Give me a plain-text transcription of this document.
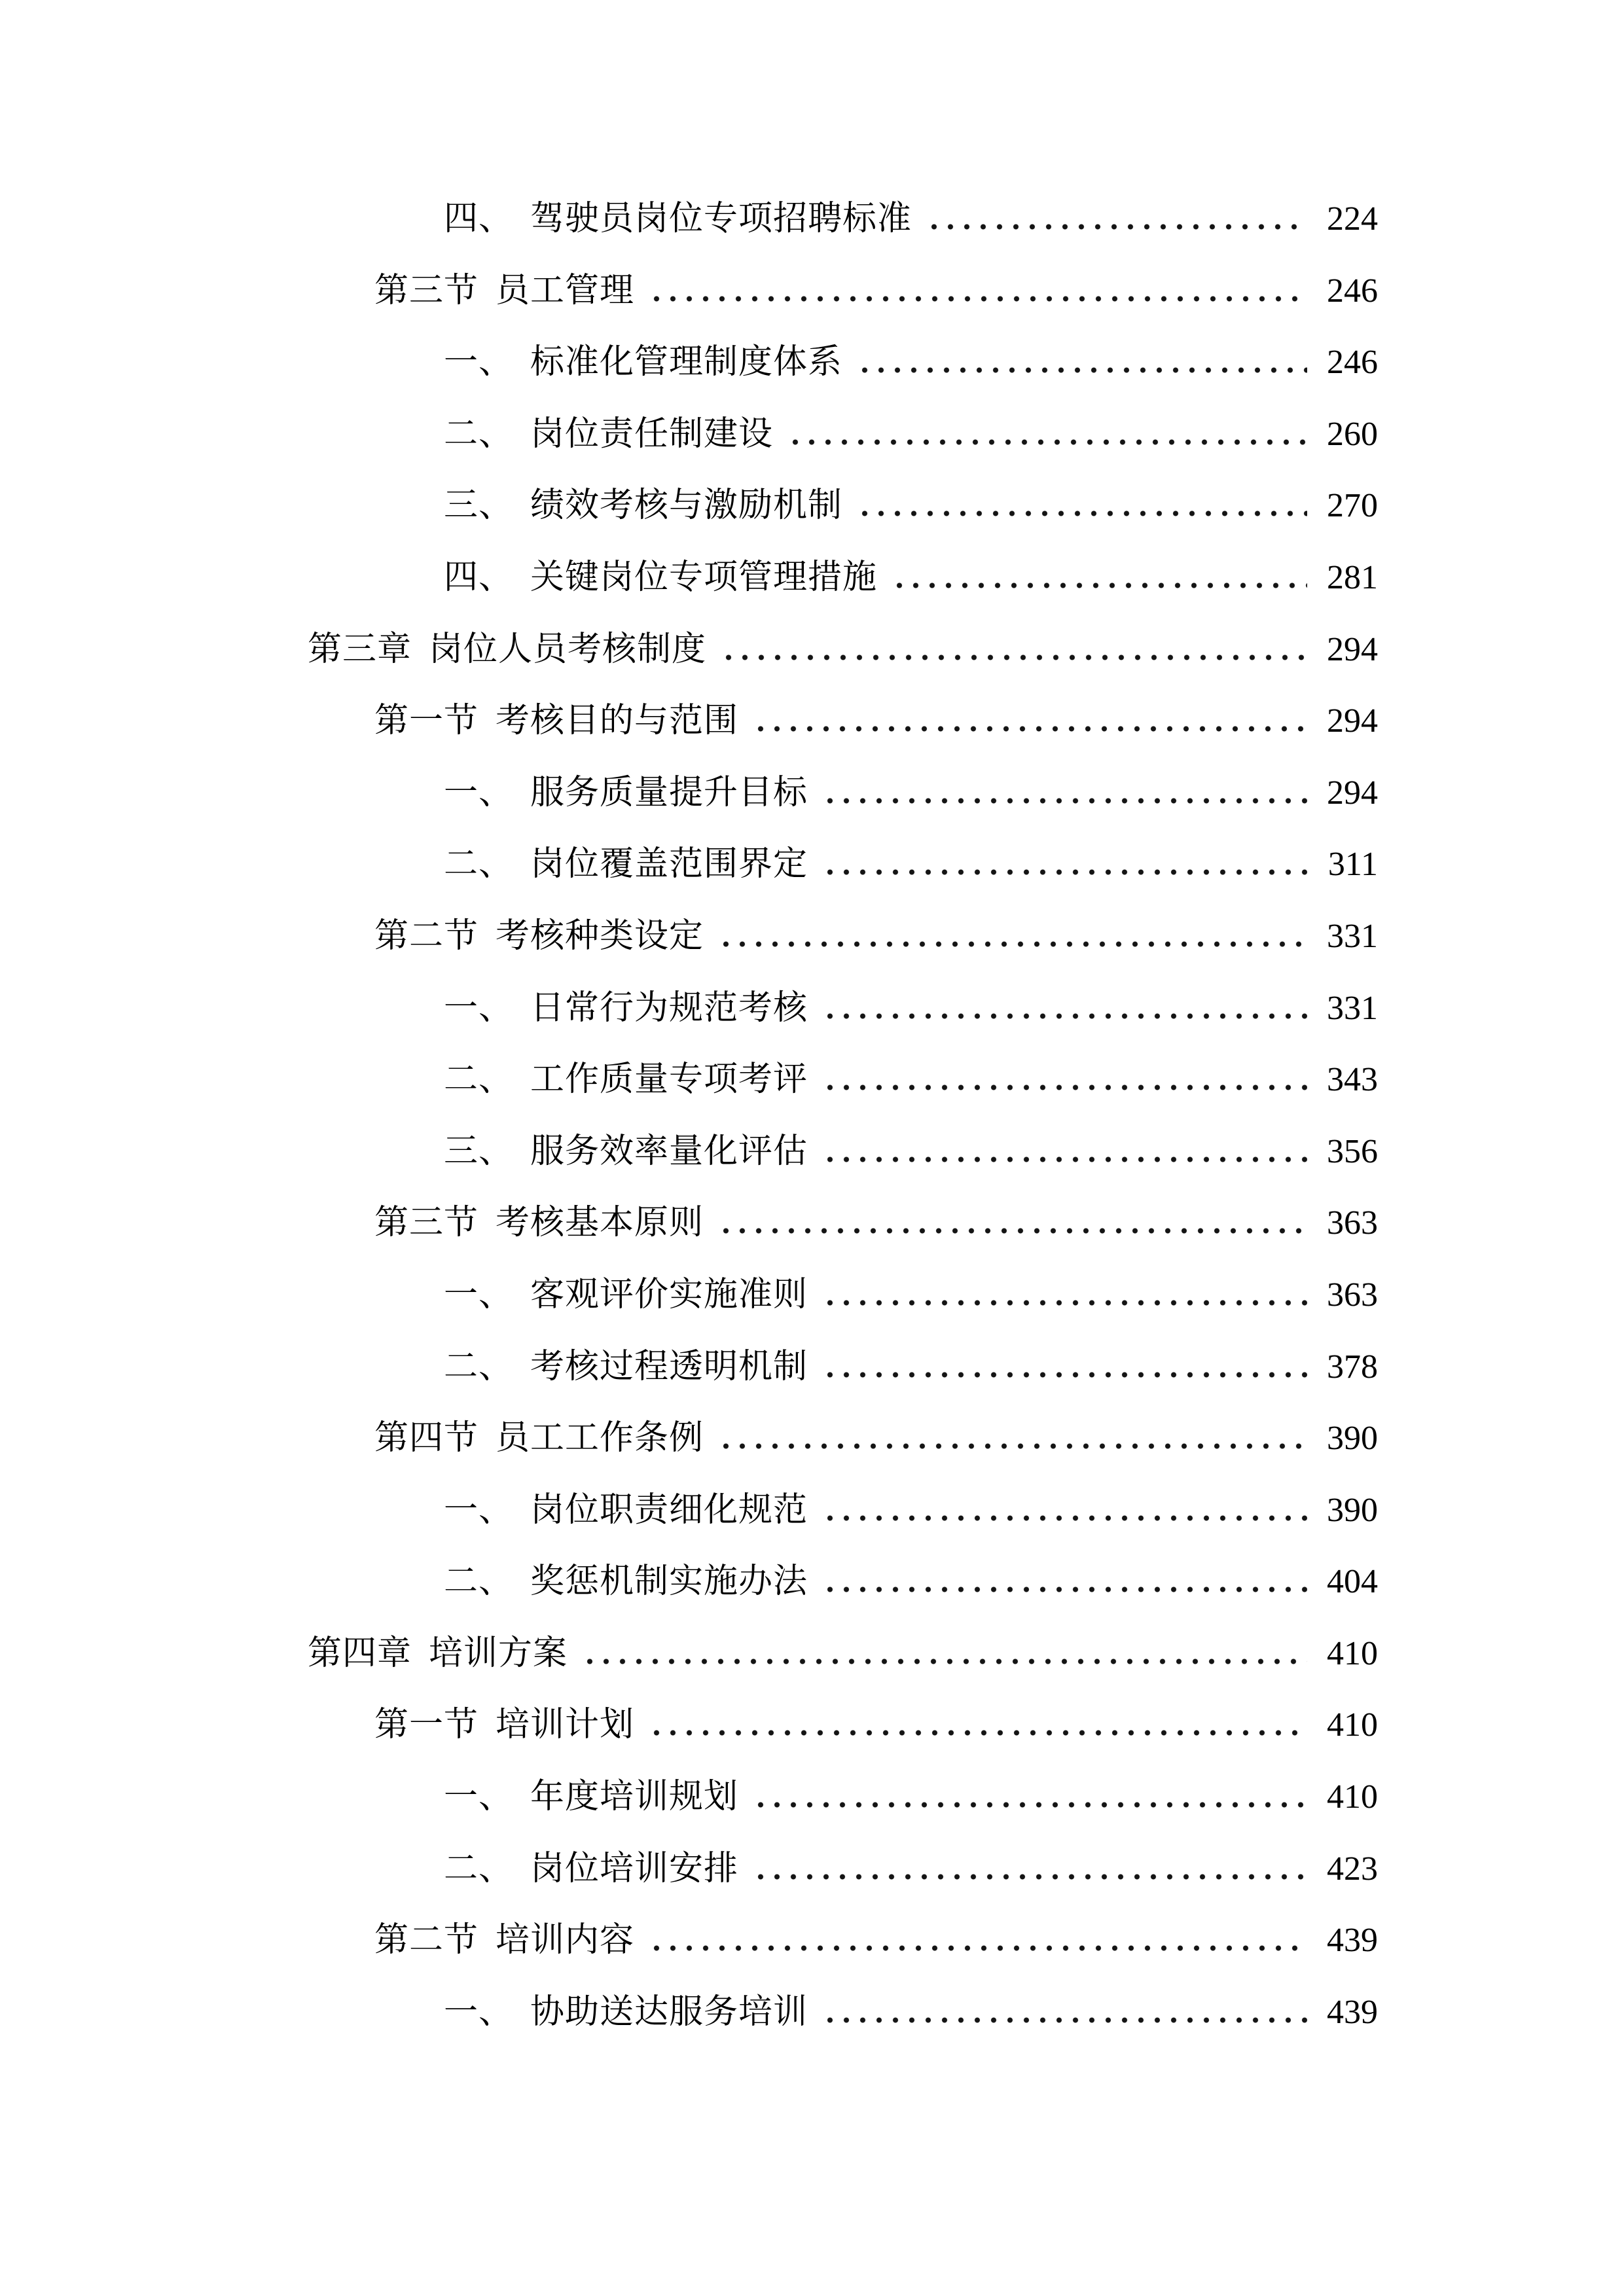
四、 驾驶员岗位专项招聘标准	224
第三节 员工管理	246
一、 标准化管理制度体系	246
二、 岗位责任制建设	260
三、 绩效考核与激励机制	270
四、 关键岗位专项管理措施	281
第三章 岗位人员考核制度	294
第一节 考核目的与范围	294
一、 服务质量提升目标	294
二、 岗位覆盖范围界定	311
第二节 考核种类设定	331
一、 日常行为规范考核	331
二、 工作质量专项考评	343
三、 服务效率量化评估	356
第三节 考核基本原则	363
一、 客观评价实施准则	363
二、 考核过程透明机制	378
第四节 员工工作条例	390
一、 岗位职责细化规范	390
二、 奖惩机制实施办法	404
第四章 培训方案	410
第一节 培训计划	410
一、 年度培训规划	410
二、 岗位培训安排	423
第二节 培训内容	439
一、 协助送达服务培训	439
